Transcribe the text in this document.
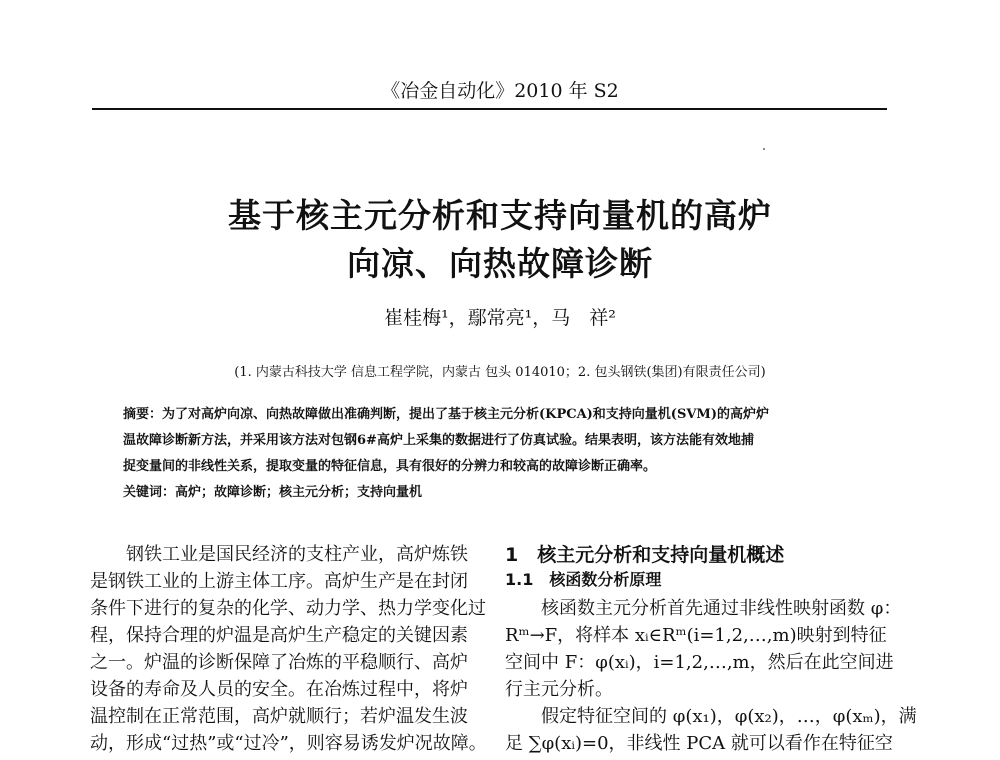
《冶金自动化》2010 年 S2
基于核主元分析和支持向量机的高炉
向凉、向热故障诊断
崔桂梅¹，鄢常亮¹，马　祥²
(1. 内蒙古科技大学 信息工程学院，内蒙古 包头 014010；2. 包头钢铁(集团)有限责任公司)
摘要：为了对高炉向凉、向热故障做出准确判断，提出了基于核主元分析(KPCA)和支持向量机(SVM)的高炉炉
温故障诊断新方法，并采用该方法对包钢6#高炉上采集的数据进行了仿真试验。结果表明，该方法能有效地捕
捉变量间的非线性关系，提取变量的特征信息，具有很好的分辨力和较高的故障诊断正确率。
关键词：高炉；故障诊断；核主元分析；支持向量机
　　钢铁工业是国民经济的支柱产业，高炉炼铁
是钢铁工业的上游主体工序。高炉生产是在封闭
条件下进行的复杂的化学、动力学、热力学变化过
程，保持合理的炉温是高炉生产稳定的关键因素
之一。炉温的诊断保障了冶炼的平稳顺行、高炉
设备的寿命及人员的安全。在冶炼过程中，将炉
温控制在正常范围，高炉就顺行；若炉温发生波
动，形成“过热”或“过冷”，则容易诱发炉况故障。
1　核主元分析和支持向量机概述
1.1　核函数分析原理
　　核函数主元分析首先通过非线性映射函数 φ：
Rᵐ→F，将样本 xᵢ∈Rᵐ(i=1,2,…,m)映射到特征
空间中 F：φ(xᵢ)，i=1,2,…,m，然后在此空间进
行主元分析。
　　假定特征空间的 φ(x₁)，φ(x₂)，…，φ(xₘ)，满
足 ∑φ(xᵢ)=0，非线性 PCA 就可以看作在特征空
